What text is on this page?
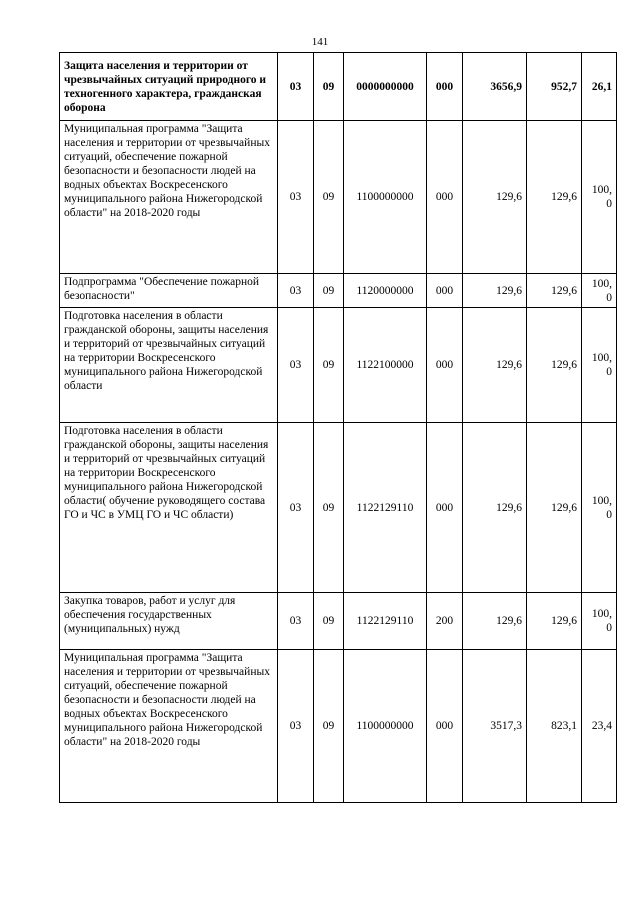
141
Защита населения и территории от чрезвычайных ситуаций природного и техногенного характера, гражданская оборона	03	09	0000000000	000	3656,9	952,7	26,1

Муниципальная программа "Защита населения и территории от чрезвычайных ситуаций, обеспечение пожарной безопасности и безопасности людей на водных объектах Воскресенского муниципального района Нижегородской области" на 2018-2020 годы	03	09	1100000000	000	129,6	129,6	100,
0

Подпрограмма "Обеспечение пожарной безопасности"	03	09	1120000000	000	129,6	129,6	100,
0

Подготовка населения в области гражданской обороны, защиты населения и территорий от чрезвычайных ситуаций на территории Воскресенского муниципального района Нижегородской области	03	09	1122100000	000	129,6	129,6	100,
0

Подготовка населения в области гражданской обороны, защиты населения и территорий от чрезвычайных ситуаций на территории Воскресенского муниципального района Нижегородской области( обучение руководящего состава ГО и ЧС в УМЦ ГО и ЧС области)	03	09	1122129110	000	129,6	129,6	100,
0

Закупка товаров, работ и услуг для обеспечения государственных (муниципальных) нужд	03	09	1122129110	200	129,6	129,6	100,
0

Муниципальная программа "Защита населения и территории от чрезвычайных ситуаций, обеспечение пожарной безопасности и безопасности людей на водных объектах Воскресенского муниципального района Нижегородской области" на 2018-2020 годы	03	09	1100000000	000	3517,3	823,1	23,4
